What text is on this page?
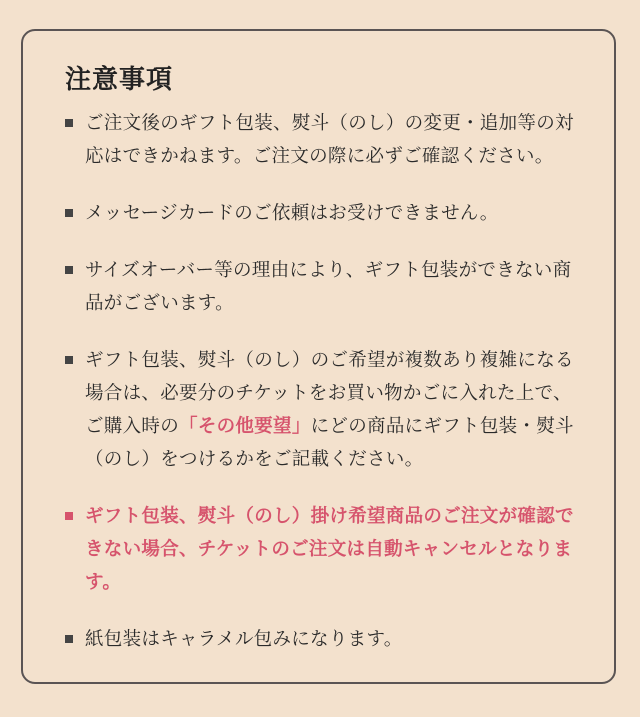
注意事項
ご注文後のギフト包装、熨斗（のし）の変更・追加等の対応はできかねます。ご注文の際に必ずご確認ください。
メッセージカードのご依頼はお受けできません。
サイズオーバー等の理由により、ギフト包装ができない商品がございます。
ギフト包装、熨斗（のし）のご希望が複数あり複雑になる場合は、必要分のチケットをお買い物かごに入れた上で、ご購入時の「その他要望」にどの商品にギフト包装・熨斗（のし）をつけるかをご記載ください。
ギフト包装、熨斗（のし）掛け希望商品のご注文が確認できない場合、チケットのご注文は自動キャンセルとなります。
紙包装はキャラメル包みになります。
